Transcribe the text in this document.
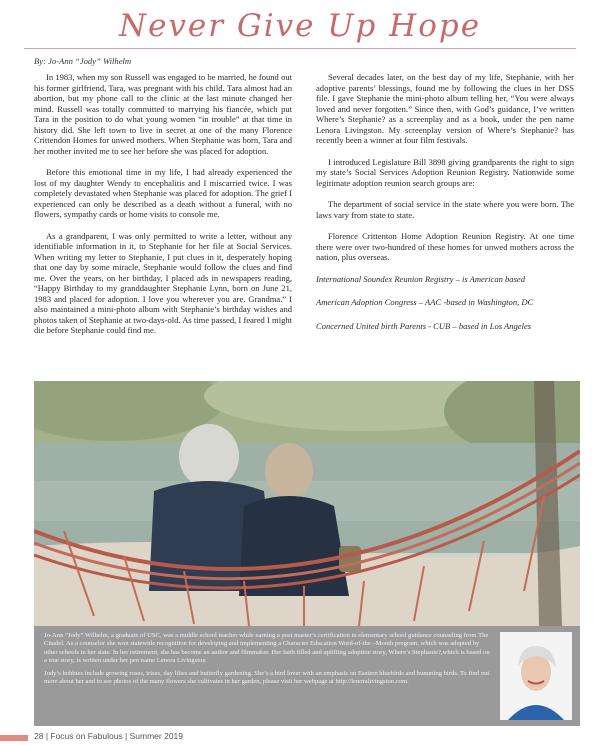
Never Give Up Hope
By: Jo-Ann “Jody” Wilhelm

In 1983, when my son Russell was engaged to be married, he found out his former girlfriend, Tara, was pregnant with his child. Tara almost had an abortion, but my phone call to the clinic at the last minute changed her mind. Russell was totally committed to marrying his fiancée, which put Tara in the position to do what young women “in trouble” at that time in history did. She left town to live in secret at one of the many Florence Crittendon Homes for unwed mothers. When Stephanie was born, Tara and her mother invited me to see her before she was placed for adoption.

Before this emotional time in my life, I had already experienced the lost of my daughter Wendy to encephalitis and I miscarried twice. I was completely devastated when Stephanie was placed for adoption. The grief I experienced can only be described as a death without a funeral, with no flowers, sympathy cards or home visits to console me.

As a grandparent, I was only permitted to write a letter, without any identifiable information in it, to Stephanie for her file at Social Services. When writing my letter to Stephanie, I put clues in it, desperately hoping that one day by some miracle, Stephanie would follow the clues and find me. Over the years, on her birthday, I placed ads in newspapers reading, “Happy Birthday to my granddaughter Stephanie Lynn, born on June 21, 1983 and placed for adoption. I love you wherever you are. Grandma.” I also maintained a mini-photo album with Stephanie’s birthday wishes and photos taken of Stephanie at two-days-old. As time passed, I feared I might die before Stephanie could find me.

Several decades later, on the best day of my life, Stephanie, with her adoptive parents’ blessings, found me by following the clues in her DSS file. I gave Stephanie the mini-photo album telling her, “You were always loved and never forgotten.” Since then, with God’s guidance, I’ve written Where’s Stephanie? as a screenplay and as a book, under the pen name Lenora Livingston. My screenplay version of Where’s Stephanie? has recently been a winner at four film festivals.

I introduced Legislature Bill 3898 giving grandparents the right to sign my state’s Social Services Adoption Reunion Registry. Nationwide some legitimate adoption reunion search groups are:

The department of social service in the state where you were born. The laws vary from state to state.

Florence Crittenton Home Adoption Reunion Registry. At one time there were over two-hundred of these homes for unwed mothers across the nation, plus overseas.

International Soundex Reunion Registry – is American based

American Adoption Congress – AAC -based in Washington, DC

Concerned United birth Parents - CUB – based in Los Angeles

Jo-Ann “Jody” Wilhelm, a graduate of USC, was a middle school teacher while earning a post master’s certification in elementary school guidance counseling from The Citadel. As a counselor she won statewide recognition for developing and implementing a Character Education Word-of-the –Month program, which was adopted by other schools in her state. In her retirement, she has become an author and filmmaker. Her faith filled and uplifting adoption story, Where’s Stephanie?,which is based on a true story, is written under her pen name Lenora Livingston

Jody’s hobbies include growing roses, irises, day lilies and butterfly gardening. She’s a bird lover with an emphasis on Eastern bluebirds and humming birds. To find out more about her and to see photos of the many flowers she cultivates in her garden, please visit her webpage at http://lenoralivingston.com.

28 | Focus on Fabulous | Summer 2019
